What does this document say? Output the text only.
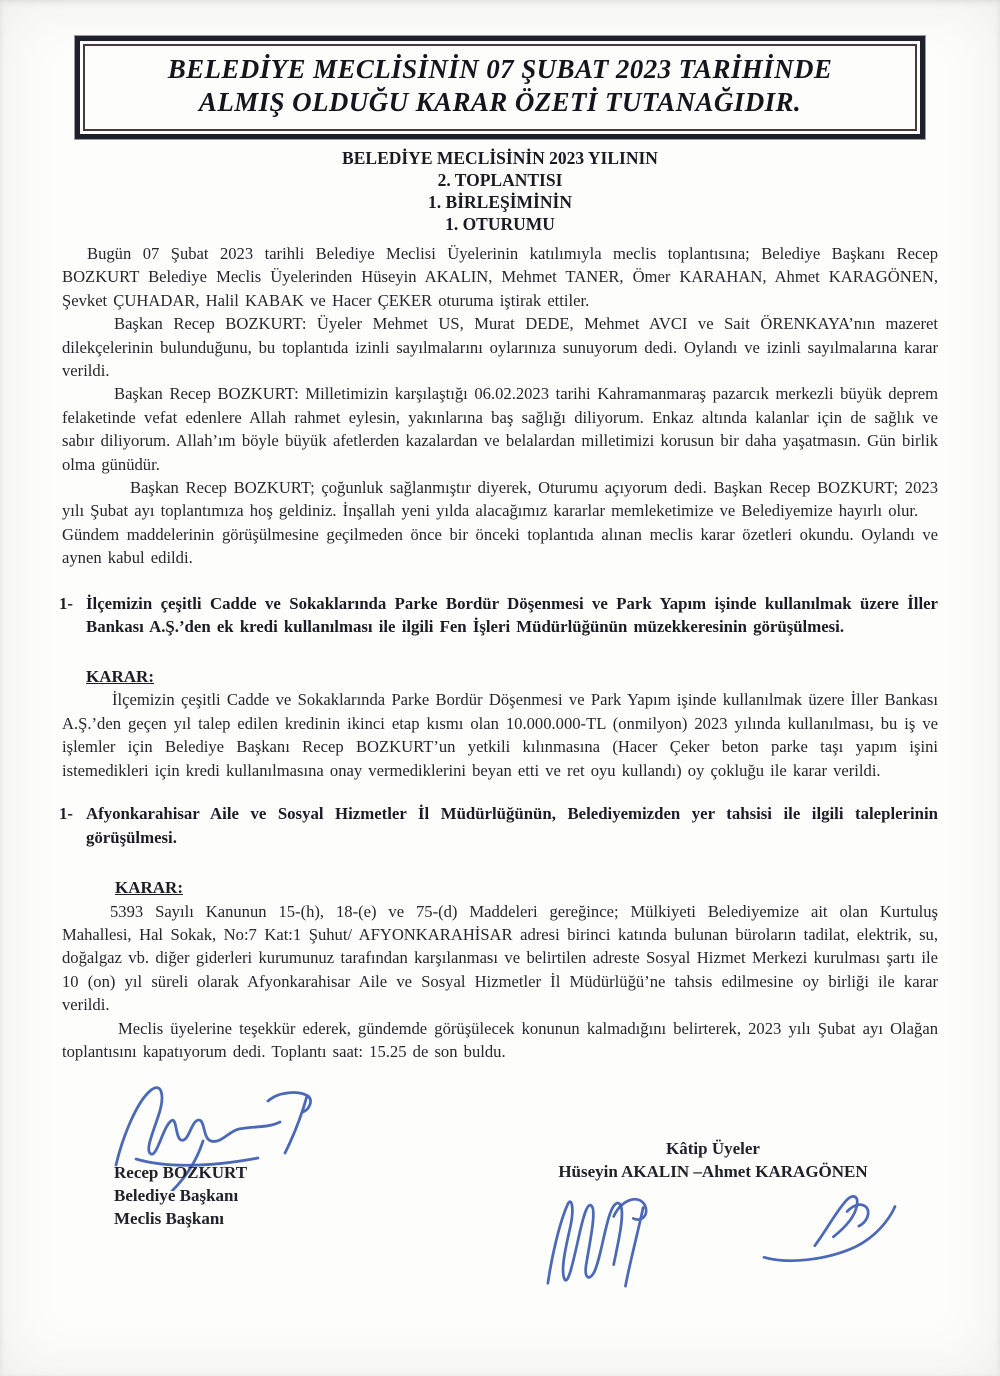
BELEDİYE MECLİSİNİN 07 ŞUBAT 2023 TARİHİNDE
ALMIŞ OLDUĞU KARAR ÖZETİ TUTANAĞIDIR.
BELEDİYE MECLİSİNİN 2023 YILININ
2. TOPLANTISI
1. BİRLEŞİMİNİN
1. OTURUMU

Bugün 07 Şubat 2023 tarihli Belediye Meclisi Üyelerinin katılımıyla meclis toplantısına; Belediye Başkanı Recep BOZKURT Belediye Meclis Üyelerinden Hüseyin AKALIN, Mehmet TANER, Ömer KARAHAN, Ahmet KARAGÖNEN, Şevket ÇUHADAR, Halil KABAK ve Hacer ÇEKER oturuma iştirak ettiler.

Başkan Recep BOZKURT: Üyeler Mehmet US, Murat DEDE, Mehmet AVCI ve Sait ÖRENKAYA’nın mazeret dilekçelerinin bulunduğunu, bu toplantıda izinli sayılmalarını oylarınıza sunuyorum dedi. Oylandı ve izinli sayılmalarına karar verildi.

Başkan Recep BOZKURT: Milletimizin karşılaştığı 06.02.2023 tarihi Kahramanmaraş pazarcık merkezli büyük deprem felaketinde vefat edenlere Allah rahmet eylesin, yakınlarına baş sağlığı diliyorum. Enkaz altında kalanlar için de sağlık ve sabır diliyorum. Allah’ım böyle büyük afetlerden kazalardan ve belalardan milletimizi korusun bir daha yaşatmasın. Gün birlik olma günüdür.

Başkan Recep BOZKURT; çoğunluk sağlanmıştır diyerek, Oturumu açıyorum dedi. Başkan Recep BOZKURT; 2023 yılı Şubat ayı toplantımıza hoş geldiniz. İnşallah yeni yılda alacağımız kararlar memleketimize ve Belediyemize hayırlı olur.

Gündem maddelerinin görüşülmesine geçilmeden önce bir önceki toplantıda alınan meclis karar özetleri okundu. Oylandı ve aynen kabul edildi.

1- İlçemizin çeşitli Cadde ve Sokaklarında Parke Bordür Döşenmesi ve Park Yapım işinde kullanılmak üzere İller Bankası A.Ş.’den ek kredi kullanılması ile ilgili Fen İşleri Müdürlüğünün müzekkeresinin görüşülmesi.
KARAR:

İlçemizin çeşitli Cadde ve Sokaklarında Parke Bordür Döşenmesi ve Park Yapım işinde kullanılmak üzere İller Bankası A.Ş.’den geçen yıl talep edilen kredinin ikinci etap kısmı olan 10.000.000-TL (onmilyon) 2023 yılında kullanılması, bu iş ve işlemler için Belediye Başkanı Recep BOZKURT’un yetkili kılınmasına (Hacer Çeker beton parke taşı yapım işini istemedikleri için kredi kullanılmasına onay vermediklerini beyan etti ve ret oyu kullandı) oy çokluğu ile karar verildi.

1- Afyonkarahisar Aile ve Sosyal Hizmetler İl Müdürlüğünün, Belediyemizden yer tahsisi ile ilgili taleplerinin görüşülmesi.
KARAR:

5393 Sayılı Kanunun 15-(h), 18-(e) ve 75-(d) Maddeleri gereğince; Mülkiyeti Belediyemize ait olan Kurtuluş Mahallesi, Hal Sokak, No:7 Kat:1 Şuhut/ AFYONKARAHİSAR adresi birinci katında bulunan büroların tadilat, elektrik, su, doğalgaz vb. diğer giderleri kurumunuz tarafından karşılanması ve belirtilen adreste Sosyal Hizmet Merkezi kurulması şartı ile 10 (on) yıl süreli olarak Afyonkarahisar Aile ve Sosyal Hizmetler İl Müdürlüğü’ne tahsis edilmesine oy birliği ile karar verildi.

Meclis üyelerine teşekkür ederek, gündemde görüşülecek konunun kalmadığını belirterek, 2023 yılı Şubat ayı Olağan toplantısını kapatıyorum dedi. Toplantı saat: 15.25 de son buldu.

Recep BOZKURT
Belediye Başkanı
Meclis Başkanı
Kâtip Üyeler
Hüseyin AKALIN –Ahmet KARAGÖNEN
